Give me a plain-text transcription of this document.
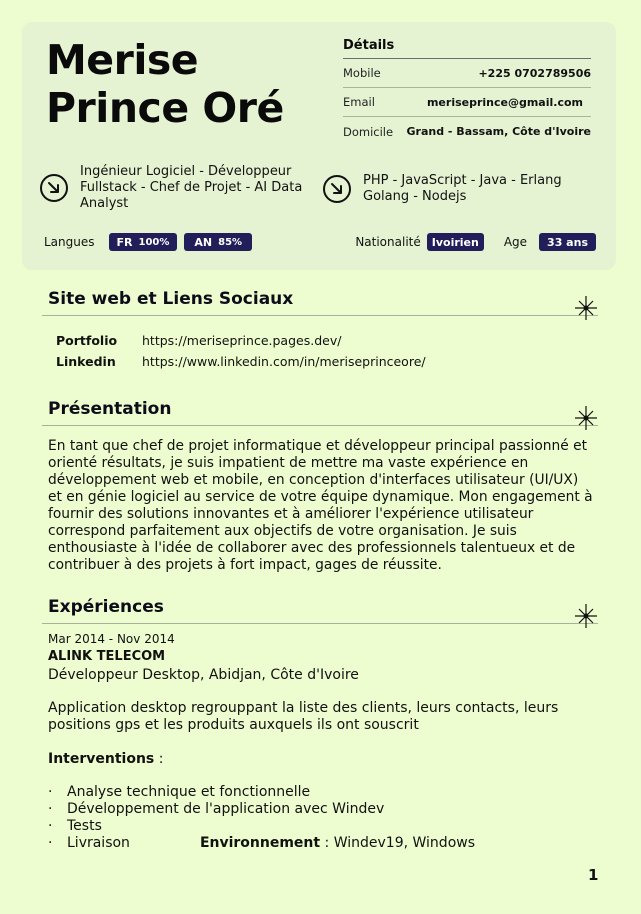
Merise
Prince Oré
Détails
Mobile	+225 0702789506
Email	meriseprince@gmail.com
Domicile Grand - Bassam, Côte d'Ivoire
Ingénieur Logiciel - Développeur Fullstack - Chef de Projet - AI Data Analyst
PHP - JavaScript - Java - Erlang Golang - Nodejs
Langues FR 100% AN 85%	Nationalité	Ivoirien	Age	33 ans
Site web et Liens Sociaux
Portfolio	https://meriseprince.pages.dev/
Linkedin	https://www.linkedin.com/in/meriseprinceore/
Présentation

En tant que chef de projet informatique et développeur principal passionné et orienté résultats, je suis impatient de mettre ma vaste expérience en développement web et mobile, en conception d'interfaces utilisateur (UI/UX) et en génie logiciel au service de votre équipe dynamique. Mon engagement à fournir des solutions innovantes et à améliorer l'expérience utilisateur correspond parfaitement aux objectifs de votre organisation. Je suis enthousiaste à l'idée de collaborer avec des professionnels talentueux et de contribuer à des projets à fort impact, gages de réussite.

Expériences
Mar 2014 - Nov 2014
ALINK TELECOM
Développeur Desktop, Abidjan, Côte d'Ivoire
Application desktop regrouppant la liste des clients, leurs contacts, leurs positions gps et les produits auxquels ils ont souscrit
Interventions :
·	Analyse technique et fonctionnelle
·	Développement de l'application avec Windev
·	Tests
·	Livraison	Environnement : Windev19, Windows
1
